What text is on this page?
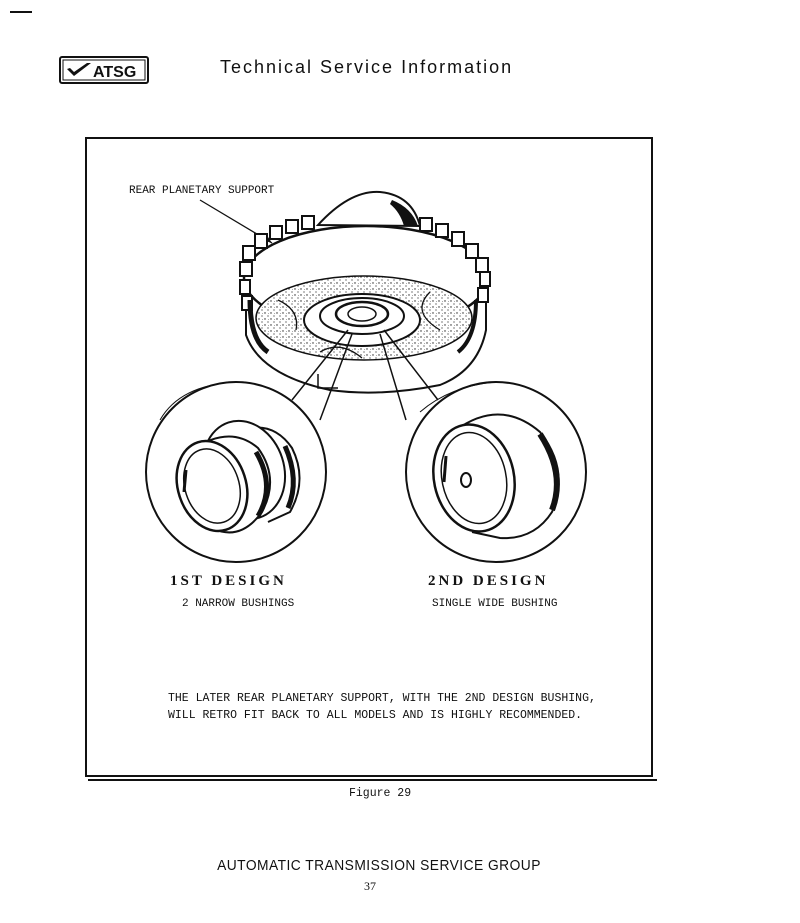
ATSG	Technical Service Information
REAR PLANETARY SUPPORT
1ST DESIGN	2ND DESIGN
2 NARROW BUSHINGS	SINGLE WIDE BUSHING
THE LATER REAR PLANETARY SUPPORT, WITH THE 2ND DESIGN BUSHING,
WILL RETRO FIT BACK TO ALL MODELS AND IS HIGHLY RECOMMENDED.
Figure 29
AUTOMATIC TRANSMISSION SERVICE GROUP
37
